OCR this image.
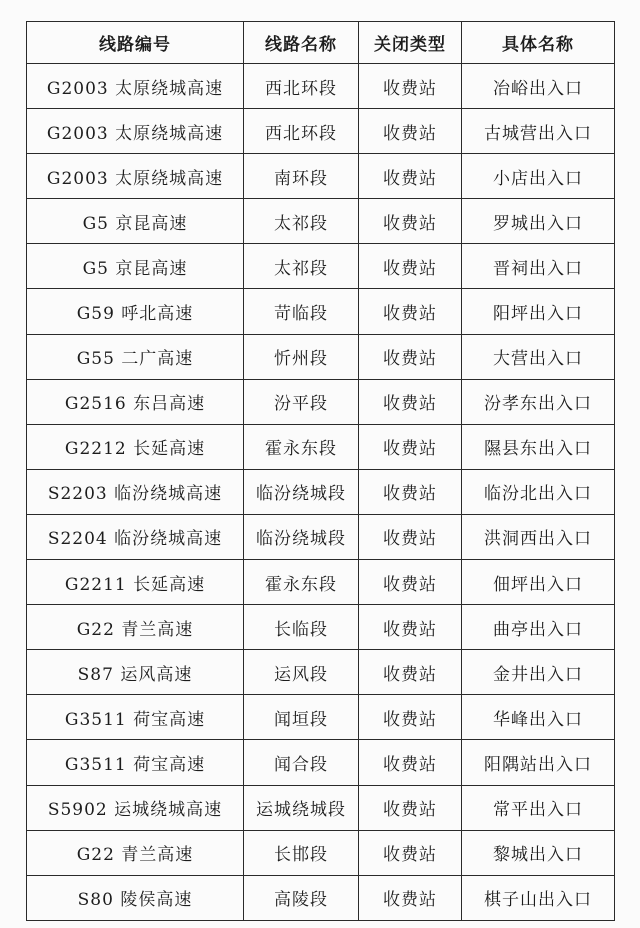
线路编号	线路名称	关闭类型	具体名称
G2003 太原绕城高速	西北环段	收费站	冶峪出入口
G2003 太原绕城高速	西北环段	收费站	古城营出入口
G2003 太原绕城高速	南环段	收费站	小店出入口
G5 京昆高速	太祁段	收费站	罗城出入口
G5 京昆高速	太祁段	收费站	晋祠出入口
G59 呼北高速	苛临段	收费站	阳坪出入口
G55 二广高速	忻州段	收费站	大营出入口
G2516 东吕高速	汾平段	收费站	汾孝东出入口
G2212 长延高速	霍永东段	收费站	隰县东出入口
S2203 临汾绕城高速	临汾绕城段	收费站	临汾北出入口
S2204 临汾绕城高速	临汾绕城段	收费站	洪洞西出入口
G2211 长延高速	霍永东段	收费站	佃坪出入口
G22 青兰高速	长临段	收费站	曲亭出入口
S87 运风高速	运风段	收费站	金井出入口
G3511 荷宝高速	闻垣段	收费站	华峰出入口
G3511 荷宝高速	闻合段	收费站	阳隅站出入口
S5902 运城绕城高速	运城绕城段	收费站	常平出入口
G22 青兰高速	长邯段	收费站	黎城出入口
S80 陵侯高速	高陵段	收费站	棋子山出入口
